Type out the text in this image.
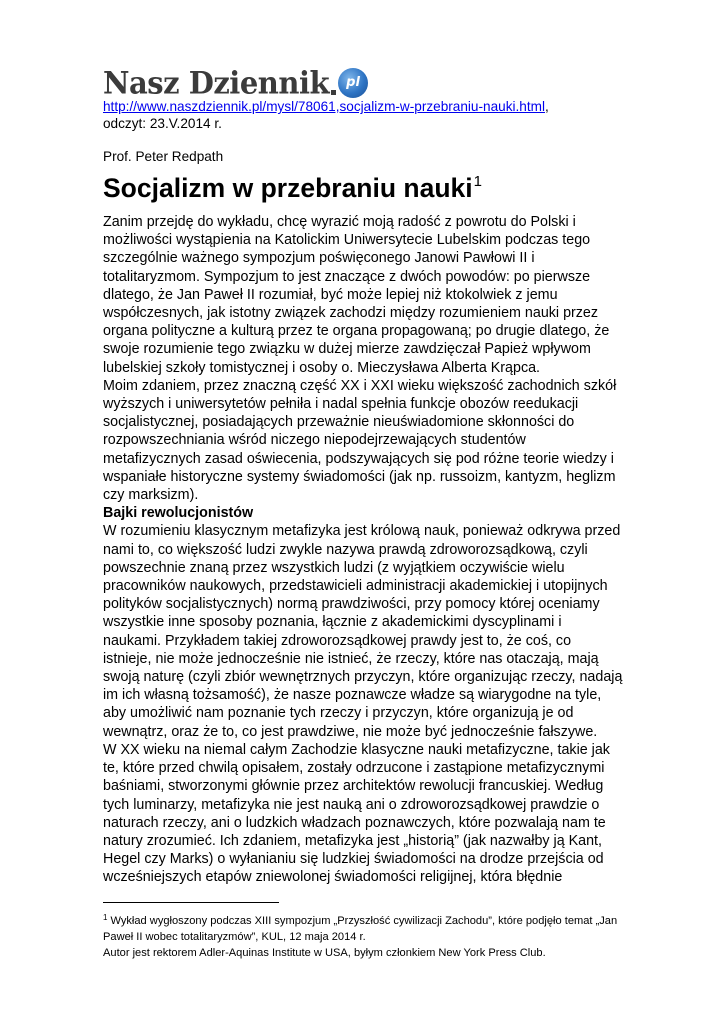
Nasz Dziennik pl
http://www.naszdziennik.pl/mysl/78061,socjalizm-w-przebraniu-nauki.html,
odczyt: 23.V.2014 r.
Prof. Peter Redpath
Socjalizm w przebraniu nauki$^1$

Zanim przejdę do wykładu, chcę wyrazić moją radość z powrotu do Polski i możliwości wystąpienia na Katolickim Uniwersytecie Lubelskim podczas tego szczególnie ważnego sympozjum poświęconego Janowi Pawłowi II i totalitaryzmom. Sympozjum to jest znaczące z dwóch powodów: po pierwsze dlatego, że Jan Paweł II rozumiał, być może lepiej niż ktokolwiek z jemu współczesnych, jak istotny związek zachodzi między rozumieniem nauki przez organa polityczne a kulturą przez te organa propagowaną; po drugie dlatego, że swoje rozumienie tego związku w dużej mierze zawdzięczał Papież wpływom lubelskiej szkoły tomistycznej i osoby o. Mieczysława Alberta Krąpca.

Moim zdaniem, przez znaczną część XX i XXI wieku większość zachodnich szkół wyższych i uniwersytetów pełniła i nadal spełnia funkcje obozów reedukacji socjalistycznej, posiadających przeważnie nieuświadomione skłonności do rozpowszechniania wśród niczego niepodejrzewających studentów metafizycznych zasad oświecenia, podszywających się pod różne teorie wiedzy i wspaniałe historyczne systemy świadomości (jak np. russoizm, kantyzm, heglizm czy marksizm).

Bajki rewolucjonistów

W rozumieniu klasycznym metafizyka jest królową nauk, ponieważ odkrywa przed nami to, co większość ludzi zwykle nazywa prawdą zdroworozsądkową, czyli powszechnie znaną przez wszystkich ludzi (z wyjątkiem oczywiście wielu pracowników naukowych, przedstawicieli administracji akademickiej i utopijnych polityków socjalistycznych) normą prawdziwości, przy pomocy której oceniamy wszystkie inne sposoby poznania, łącznie z akademickimi dyscyplinami i naukami. Przykładem takiej zdroworozsądkowej prawdy jest to, że coś, co istnieje, nie może jednocześnie nie istnieć, że rzeczy, które nas otaczają, mają swoją naturę (czyli zbiór wewnętrznych przyczyn, które organizując rzeczy, nadają im ich własną tożsamość), że nasze poznawcze władze są wiarygodne na tyle, aby umożliwić nam poznanie tych rzeczy i przyczyn, które organizują je od wewnątrz, oraz że to, co jest prawdziwe, nie może być jednocześnie fałszywe.

W XX wieku na niemal całym Zachodzie klasyczne nauki metafizyczne, takie jak te, które przed chwilą opisałem, zostały odrzucone i zastąpione metafizycznymi baśniami, stworzonymi głównie przez architektów rewolucji francuskiej. Według tych luminarzy, metafizyka nie jest nauką ani o zdroworozsądkowej prawdzie o naturach rzeczy, ani o ludzkich władzach poznawczych, które pozwalają nam te natury zrozumieć. Ich zdaniem, metafizyka jest „historią” (jak nazwałby ją Kant, Hegel czy Marks) o wyłanianiu się ludzkiej świadomości na drodze przejścia od wcześniejszych etapów zniewolonej świadomości religijnej, która błędnie

$^1$ Wykład wygłoszony podczas XIII sympozjum „Przyszłość cywilizacji Zachodu”, które podjęło temat „Jan Paweł II wobec totalitaryzmów”, KUL, 12 maja 2014 r.
Autor jest rektorem Adler-Aquinas Institute w USA, byłym członkiem New York Press Club.
